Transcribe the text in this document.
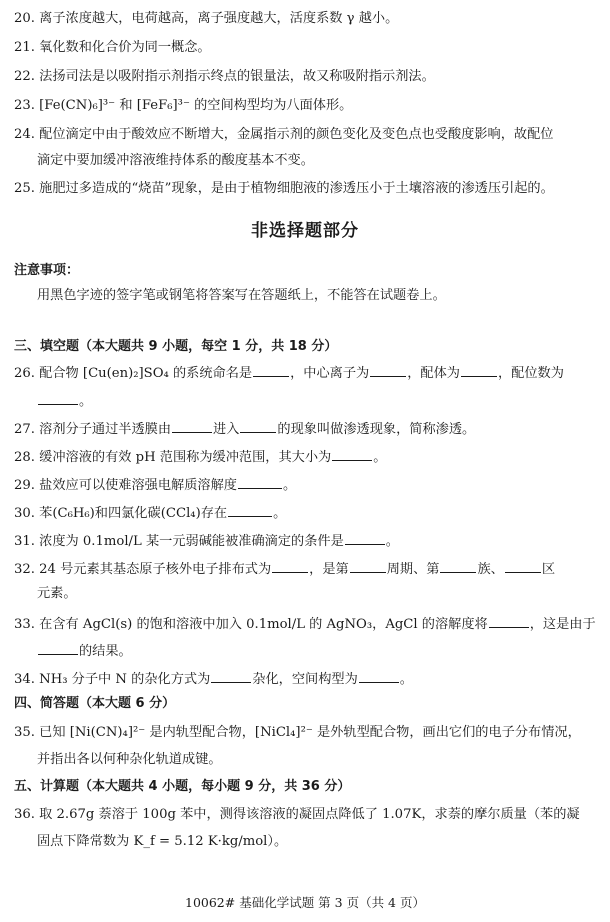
20. 离子浓度越大，电荷越高，离子强度越大，活度系数 γ 越小。
21. 氧化数和化合价为同一概念。
22. 法扬司法是以吸附指示剂指示终点的银量法，故又称吸附指示剂法。
23. [Fe(CN)₆]³⁻ 和 [FeF₆]³⁻ 的空间构型均为八面体形。
24. 配位滴定中由于酸效应不断增大，金属指示剂的颜色变化及变色点也受酸度影响，故配位
滴定中要加缓冲溶液维持体系的酸度基本不变。
25. 施肥过多造成的“烧苗”现象，是由于植物细胞液的渗透压小于土壤溶液的渗透压引起的。
非选择题部分
注意事项：
用黑色字迹的签字笔或钢笔将答案写在答题纸上，不能答在试题卷上。
三、填空题（本大题共 9 小题，每空 1 分，共 18 分）
26. 配合物 [Cu(en)₂]SO₄ 的系统命名是	，中心离子为	，配体为	，配位数为
。
27. 溶剂分子通过半透膜由	进入	的现象叫做渗透现象，简称渗透。
28. 缓冲溶液的有效 pH 范围称为缓冲范围，其大小为	。
29. 盐效应可以使难溶强电解质溶解度	。
30. 苯(C₆H₆)和四氯化碳(CCl₄)存在	。
31. 浓度为 0.1mol/L 某一元弱碱能被准确滴定的条件是	。
32. 24 号元素其基态原子核外电子排布式为	，是第	周期、第	族、	区
元素。
33. 在含有 AgCl(s) 的饱和溶液中加入 0.1mol/L 的 AgNO₃，AgCl 的溶解度将	，这是由于
的结果。
34. NH₃ 分子中 N 的杂化方式为	杂化，空间构型为	。
四、简答题（本大题 6 分）
35. 已知 [Ni(CN)₄]²⁻ 是内轨型配合物，[NiCl₄]²⁻ 是外轨型配合物，画出它们的电子分布情况，
并指出各以何种杂化轨道成键。
五、计算题（本大题共 4 小题，每小题 9 分，共 36 分）
36. 取 2.67g 萘溶于 100g 苯中，测得该溶液的凝固点降低了 1.07K，求萘的摩尔质量（苯的凝
固点下降常数为 K_f = 5.12 K·kg/mol）。
10062# 基础化学试题 第 3 页（共 4 页）
